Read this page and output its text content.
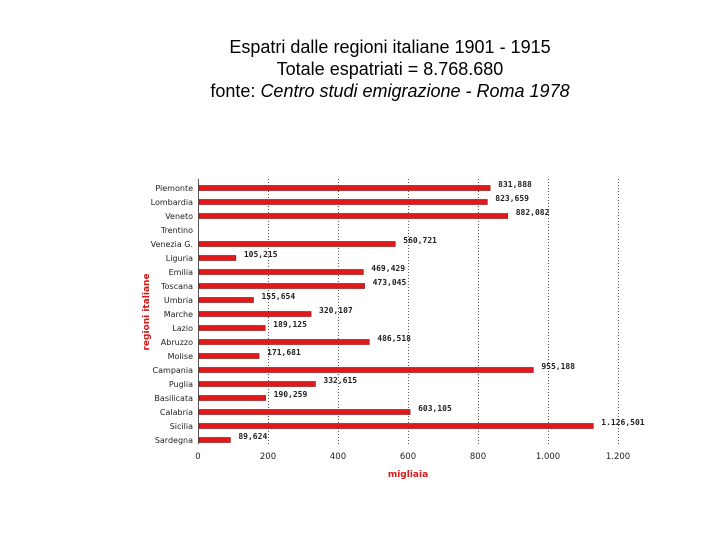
Espatri dalle regioni italiane 1901 - 1915
Totale espatriati = 8.768.680
fonte: Centro studi emigrazione - Roma 1978
Piemonte
Lombardia
Veneto
Trentino
Venezia G.
Liguria
Emilia
Toscana
Umbria
Marche
Lazio
Abruzzo
Molise
Campania
Puglia
Basilicata
Calabria
Sicilia
Sardegna
831,888
823,659
882,082
560,721
105,215
469,429
473,045
155,654
320,107
189,125
486,518
171,681
955,188
332,615
190,259
603,105
1.126,501
89,624
0	200	400	600	800	1.000	1.200
migliaia
regioni italiane
